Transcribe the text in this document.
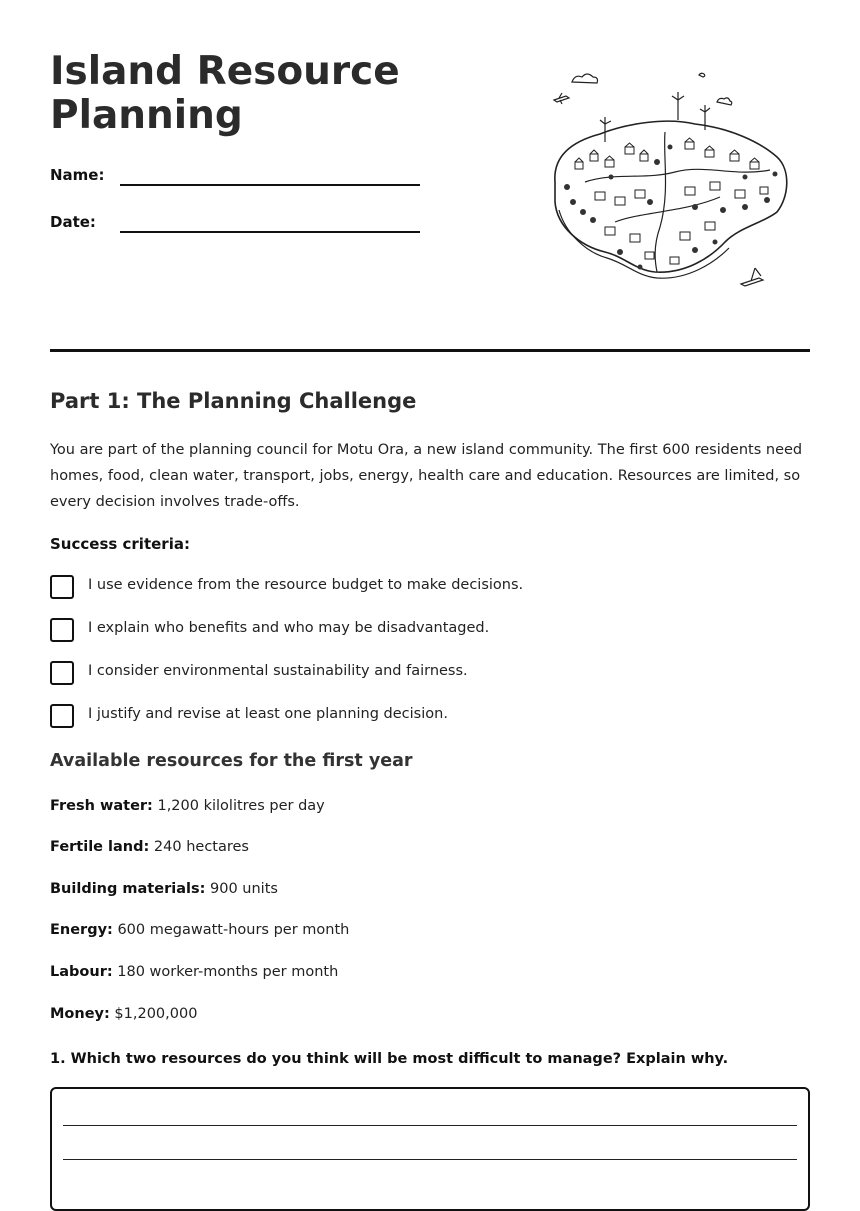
Island Resource Planning
Name:
Date:
Part 1: The Planning Challenge

You are part of the planning council for Motu Ora, a new island community. The first 600 residents need homes, food, clean water, transport, jobs, energy, health care and education. Resources are limited, so every decision involves trade-offs.

Success criteria:
I use evidence from the resource budget to make decisions.
I explain who benefits and who may be disadvantaged.
I consider environmental sustainability and fairness.
I justify and revise at least one planning decision.
Available resources for the first year
Fresh water: 1,200 kilolitres per day
Fertile land: 240 hectares
Building materials: 900 units
Energy: 600 megawatt-hours per month
Labour: 180 worker-months per month
Money: $1,200,000
1. Which two resources do you think will be most difficult to manage? Explain why.
